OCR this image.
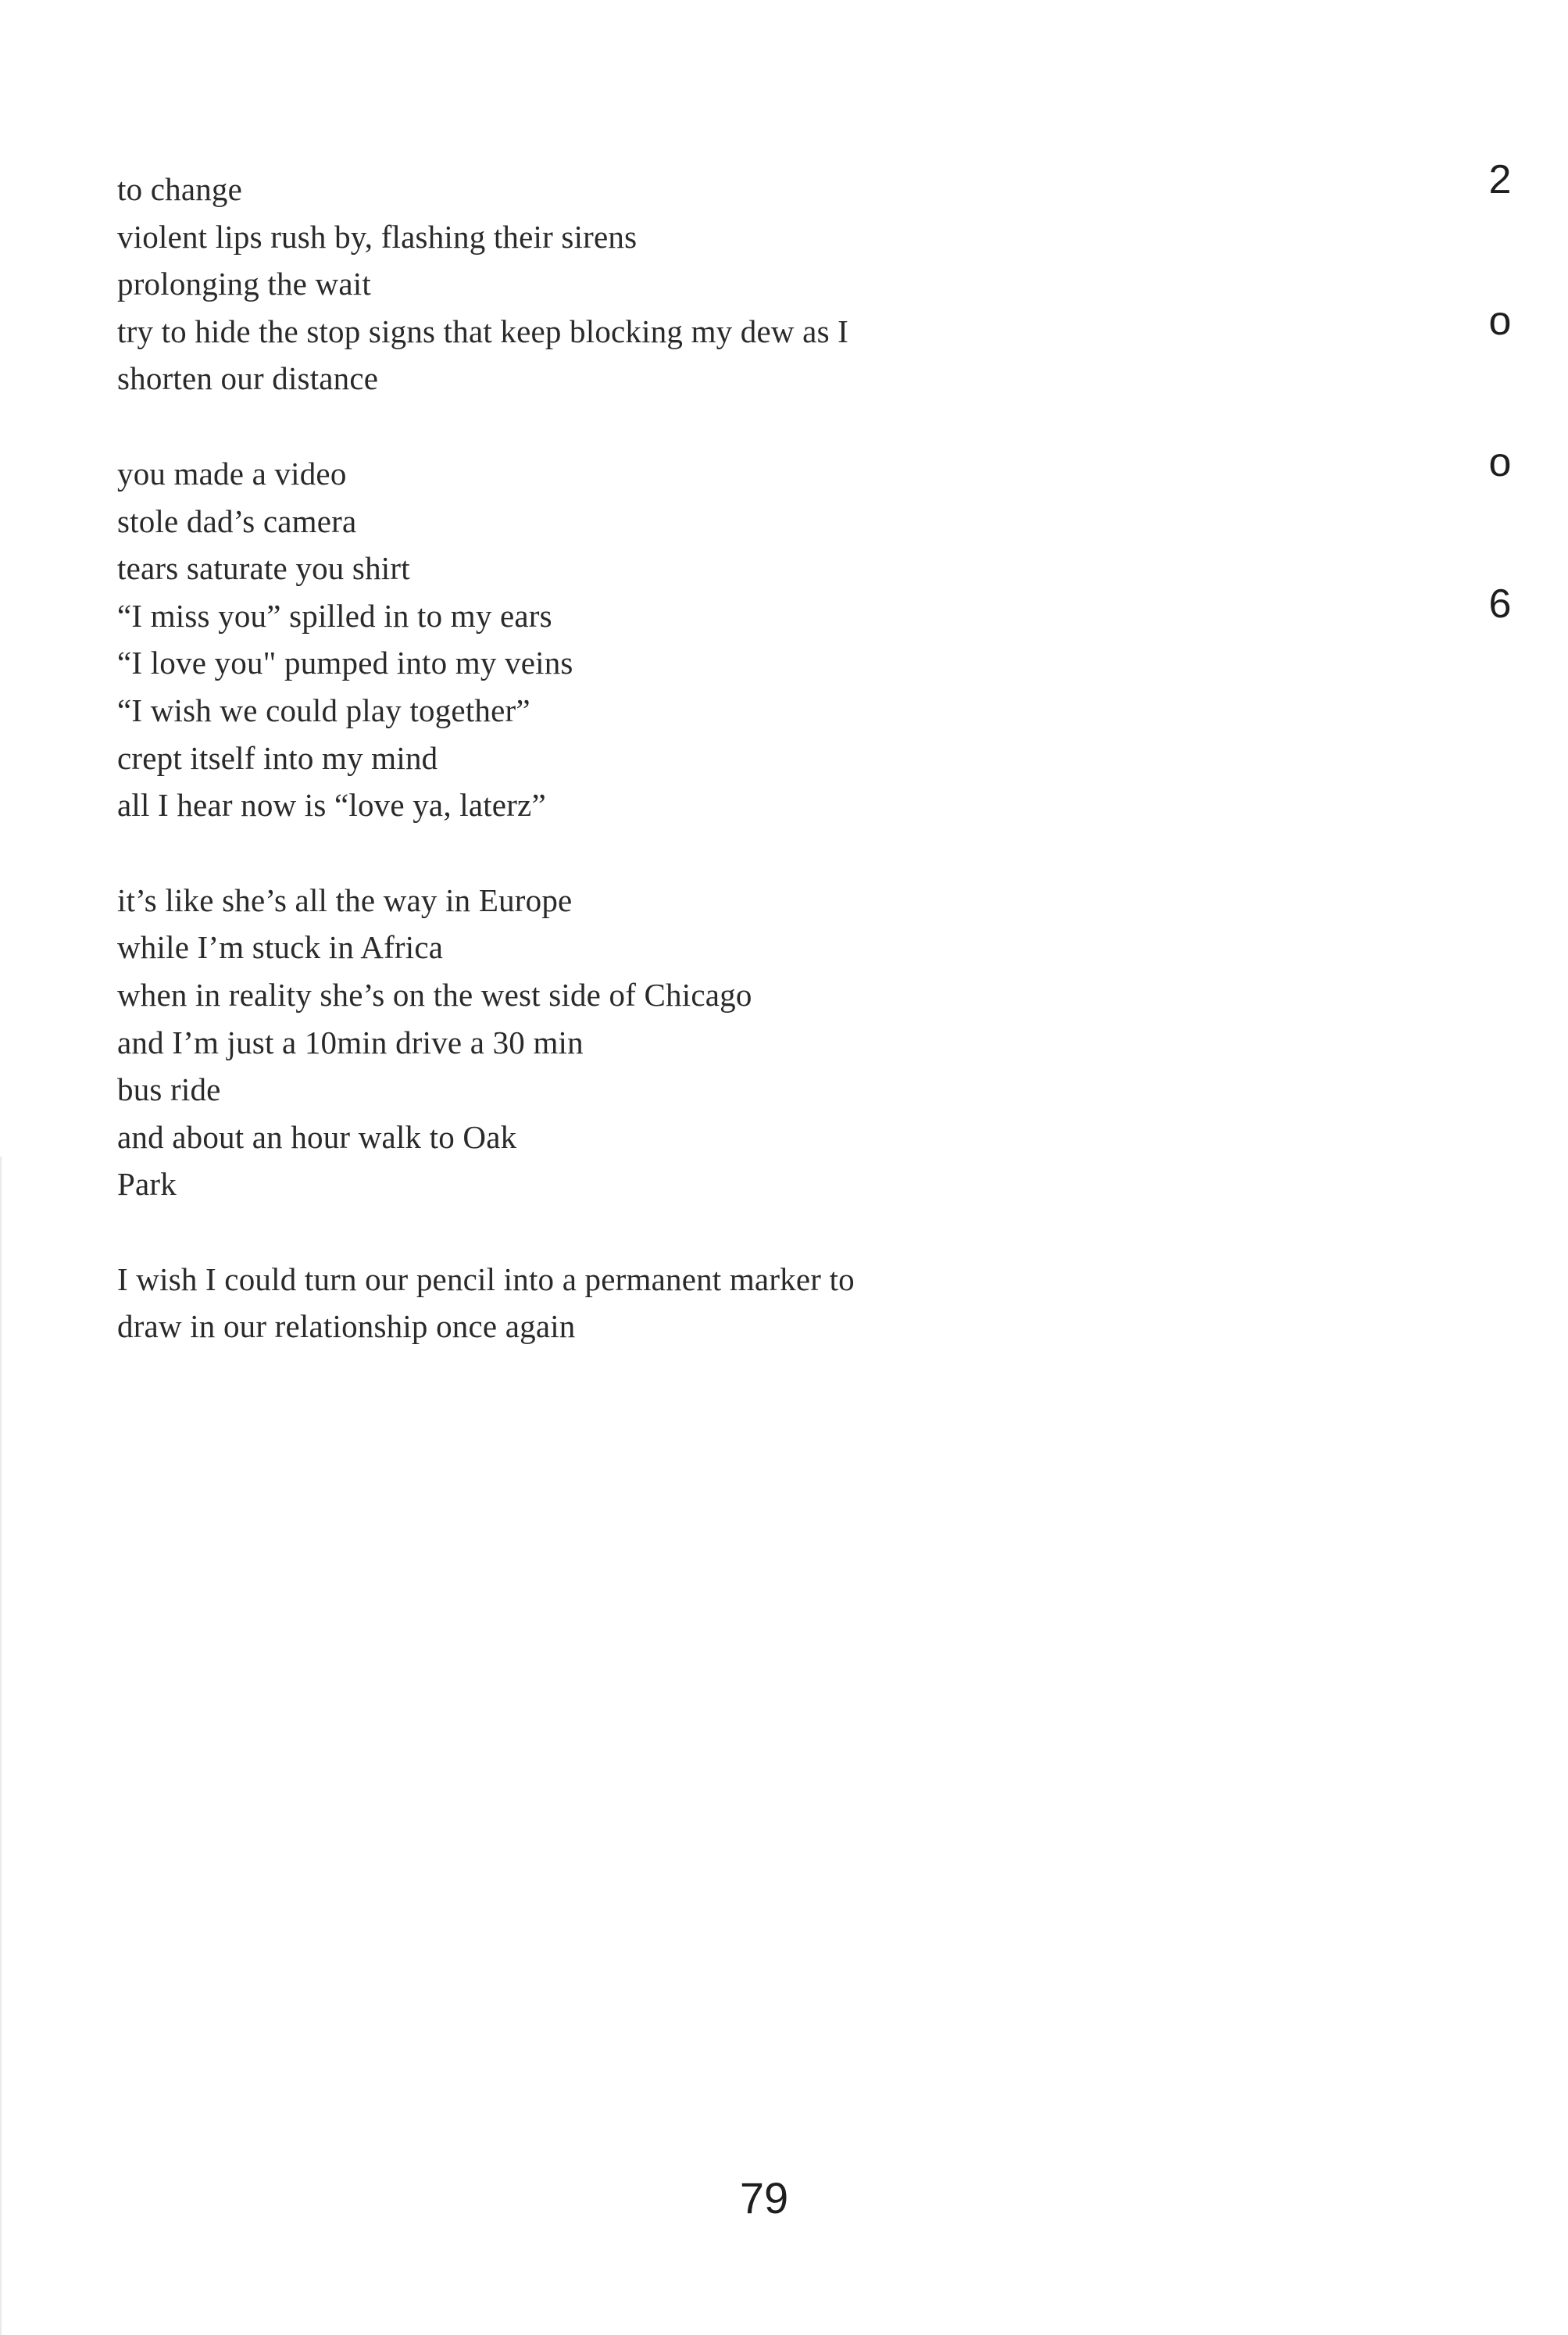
to change
violent lips rush by, flashing their sirens
prolonging the wait
try to hide the stop signs that keep blocking my dew as I
shorten our distance
you made a video
stole dad’s camera
tears saturate you shirt
“I miss you” spilled in to my ears
“I love you" pumped into my veins
“I wish we could play together”
crept itself into my mind
all I hear now is “love ya, laterz”
it’s like she’s all the way in Europe
while I’m stuck in Africa
when in reality she’s on the west side of Chicago
and I’m just a 10min drive a 30 min
bus ride
and about an hour walk to Oak
Park
I wish I could turn our pencil into a permanent marker to
draw in our relationship once again
2
o
o
6
79
